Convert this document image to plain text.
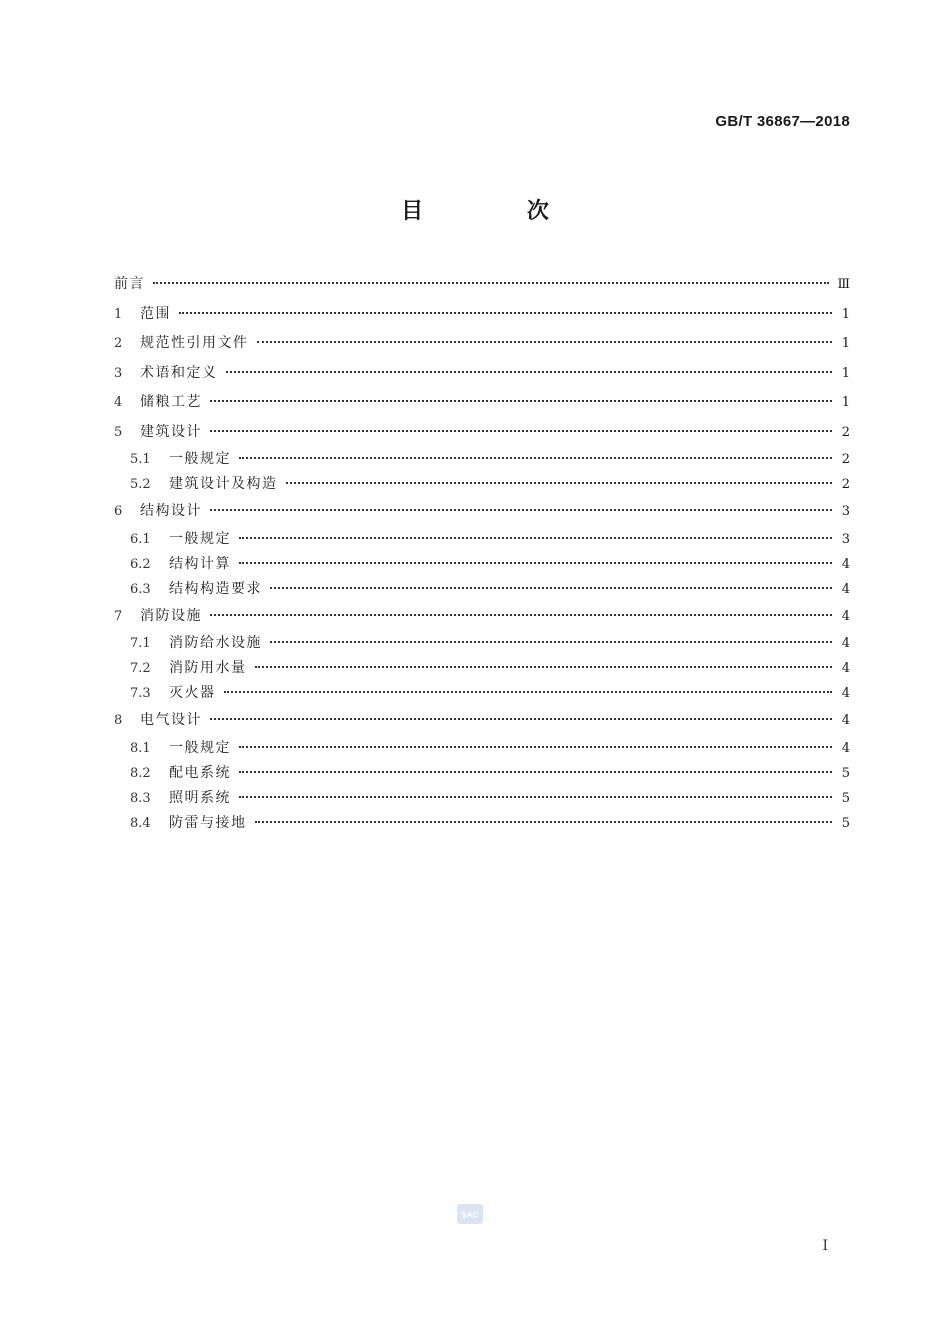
GB/T 36867—2018
目 次
前言	Ⅲ
1	范围	1
2	规范性引用文件	1
3	术语和定义	1
4	储粮工艺	1
5	建筑设计	2
5.1	一般规定	2
5.2	建筑设计及构造	2
6	结构设计	3
6.1	一般规定	3
6.2	结构计算	4
6.3	结构构造要求	4
7	消防设施	4
7.1	消防给水设施	4
7.2	消防用水量	4
7.3	灭火器	4
8	电气设计	4
8.1	一般规定	4
8.2	配电系统	5
8.3	照明系统	5
8.4	防雷与接地	5
SAC
I
